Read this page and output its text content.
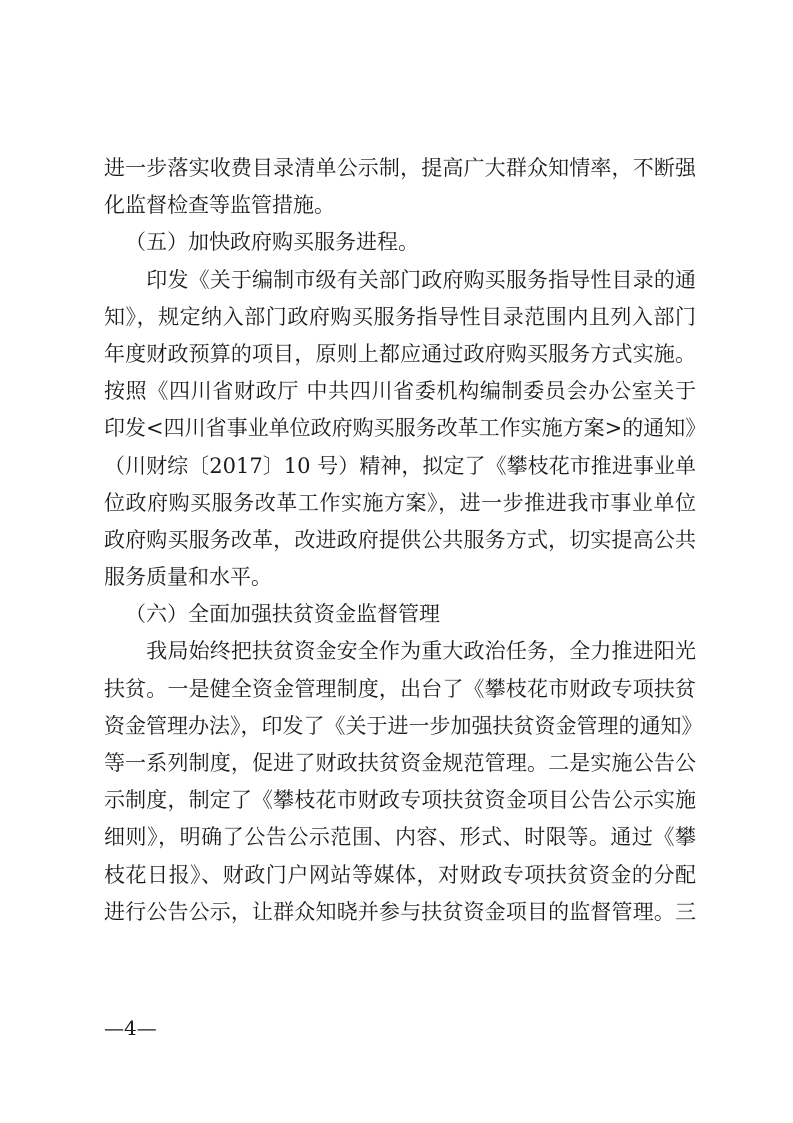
进一步落实收费目录清单公示制，提高广大群众知情率，不断强
化监督检查等监管措施。
（五）加快政府购买服务进程。
　　印发《关于编制市级有关部门政府购买服务指导性目录的通
知》，规定纳入部门政府购买服务指导性目录范围内且列入部门
年度财政预算的项目，原则上都应通过政府购买服务方式实施。
按照《四川省财政厅 中共四川省委机构编制委员会办公室关于
印发<四川省事业单位政府购买服务改革工作实施方案>的通知》
（川财综〔2017〕10 号）精神，拟定了《攀枝花市推进事业单
位政府购买服务改革工作实施方案》，进一步推进我市事业单位
政府购买服务改革，改进政府提供公共服务方式，切实提高公共
服务质量和水平。
（六）全面加强扶贫资金监督管理
　　我局始终把扶贫资金安全作为重大政治任务，全力推进阳光
扶贫。一是健全资金管理制度，出台了《攀枝花市财政专项扶贫
资金管理办法》，印发了《关于进一步加强扶贫资金管理的通知》
等一系列制度，促进了财政扶贫资金规范管理。二是实施公告公
示制度，制定了《攀枝花市财政专项扶贫资金项目公告公示实施
细则》，明确了公告公示范围、内容、形式、时限等。通过《攀
枝花日报》、财政门户网站等媒体，对财政专项扶贫资金的分配
进行公告公示，让群众知晓并参与扶贫资金项目的监督管理。三
—4—
